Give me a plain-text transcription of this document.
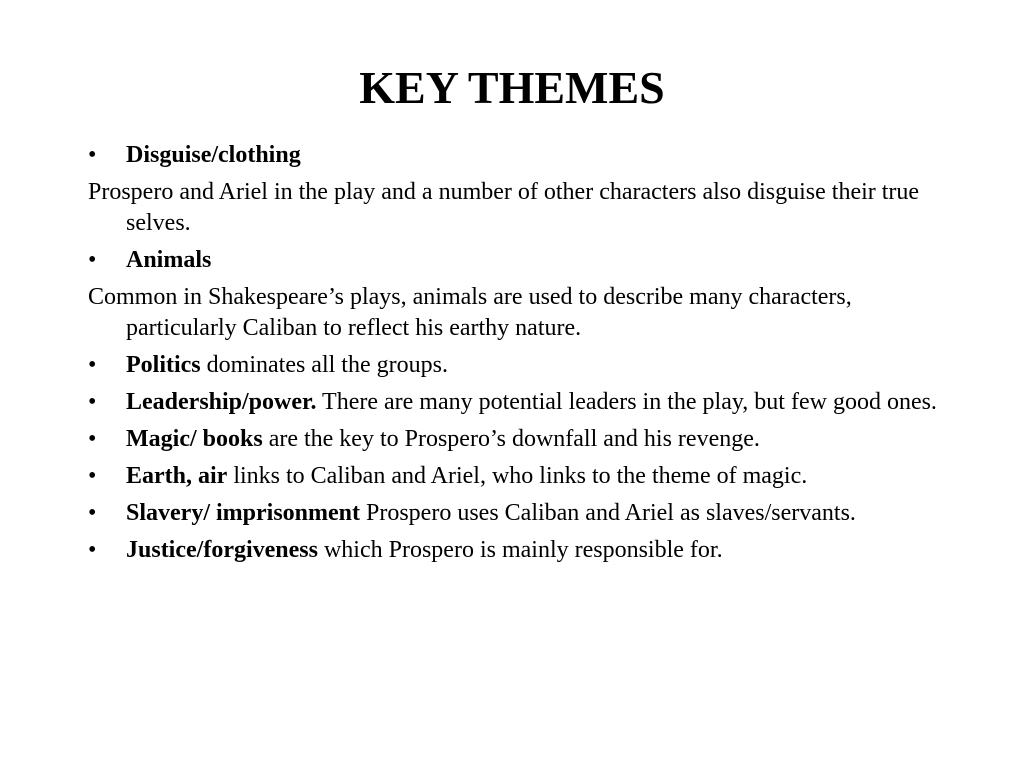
KEY THEMES
•	Disguise/clothing
Prospero and Ariel in the play and a number of other characters also disguise their true selves.
•	Animals
Common in Shakespeare’s plays, animals are used to describe many characters, particularly Caliban to reflect his earthy nature.
•	Politics dominates all the groups.
•	Leadership/power. There are many potential leaders in the play, but few good ones.
•	Magic/ books are the key to Prospero’s downfall and his revenge.
•	Earth, air links to Caliban and Ariel, who links to the theme of magic.
•	Slavery/ imprisonment Prospero uses Caliban and Ariel as slaves/servants.
•	Justice/forgiveness which Prospero is mainly responsible for.
